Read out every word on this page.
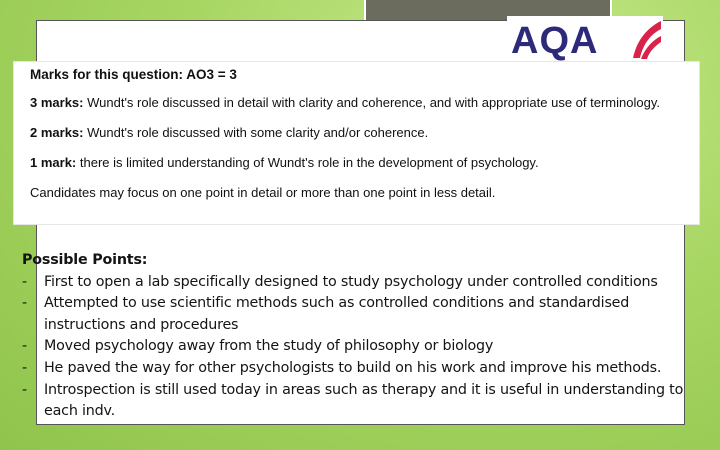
AQA
Marks for this question: AO3 = 3
3 marks: Wundt's role discussed in detail with clarity and coherence, and with appropriate use of terminology.
2 marks: Wundt's role discussed with some clarity and/or coherence.
1 mark: there is limited understanding of Wundt's role in the development of psychology.
Candidates may focus on one point in detail or more than one point in less detail.
Possible Points:
- First to open a lab specifically designed to study psychology under controlled conditions
- Attempted to use scientific methods such as controlled conditions and standardised instructions and procedures
- Moved psychology away from the study of philosophy or biology
- He paved the way for other psychologists to build on his work and improve his methods.
- Introspection is still used today in areas such as therapy and it is useful in understanding to each indv.
